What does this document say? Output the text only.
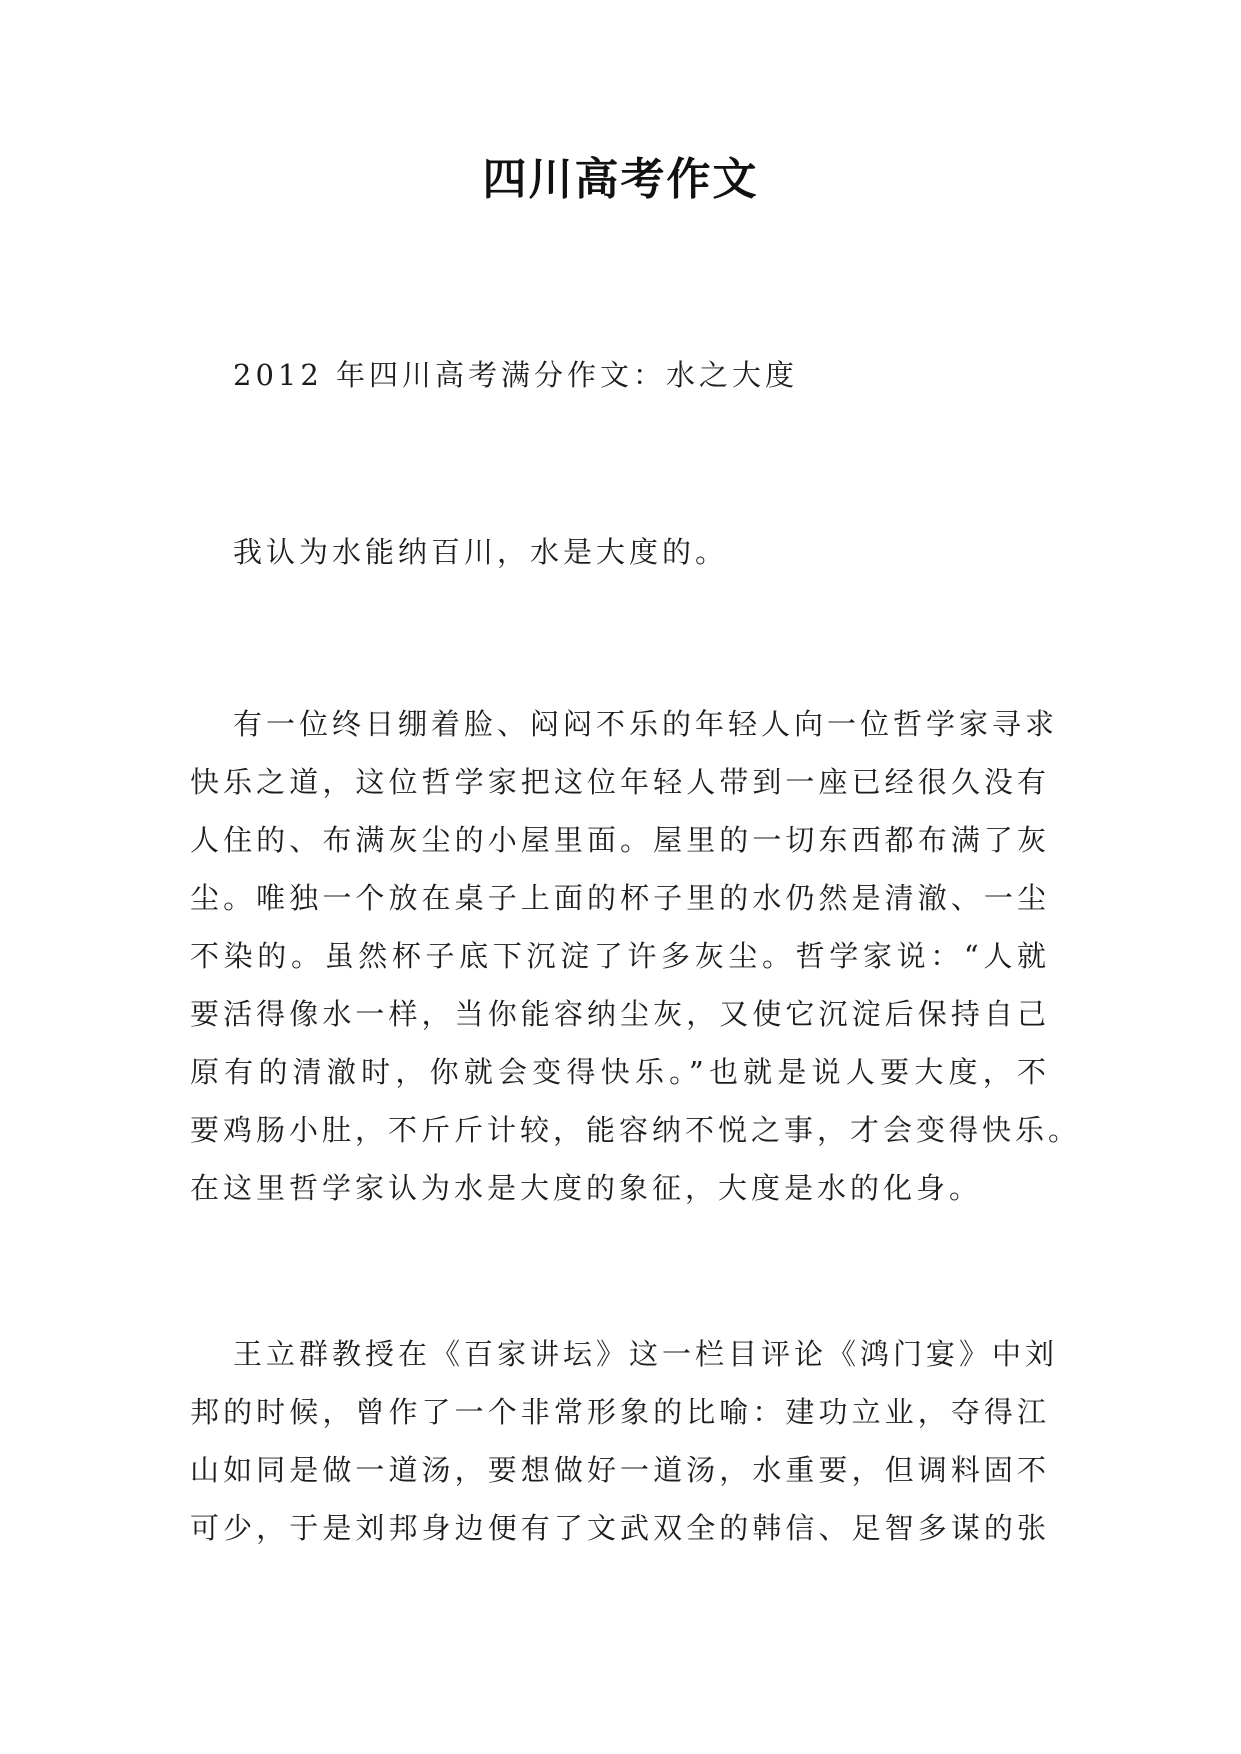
四川高考作文

2012 年四川高考满分作文：水之大度

我认为水能纳百川，水是大度的。

有一位终日绷着脸、闷闷不乐的年轻人向一位哲学家寻求
快乐之道，这位哲学家把这位年轻人带到一座已经很久没有
人住的、布满灰尘的小屋里面。屋里的一切东西都布满了灰
尘。唯独一个放在桌子上面的杯子里的水仍然是清澈、一尘
不染的。虽然杯子底下沉淀了许多灰尘。哲学家说：“人就
要活得像水一样，当你能容纳尘灰，又使它沉淀后保持自己
原有的清澈时，你就会变得快乐。”也就是说人要大度，不
要鸡肠小肚，不斤斤计较，能容纳不悦之事，才会变得快乐。
在这里哲学家认为水是大度的象征，大度是水的化身。
王立群教授在《百家讲坛》这一栏目评论《鸿门宴》中刘
邦的时候，曾作了一个非常形象的比喻：建功立业，夺得江
山如同是做一道汤，要想做好一道汤，水重要，但调料固不
可少，于是刘邦身边便有了文武双全的韩信、足智多谋的张
